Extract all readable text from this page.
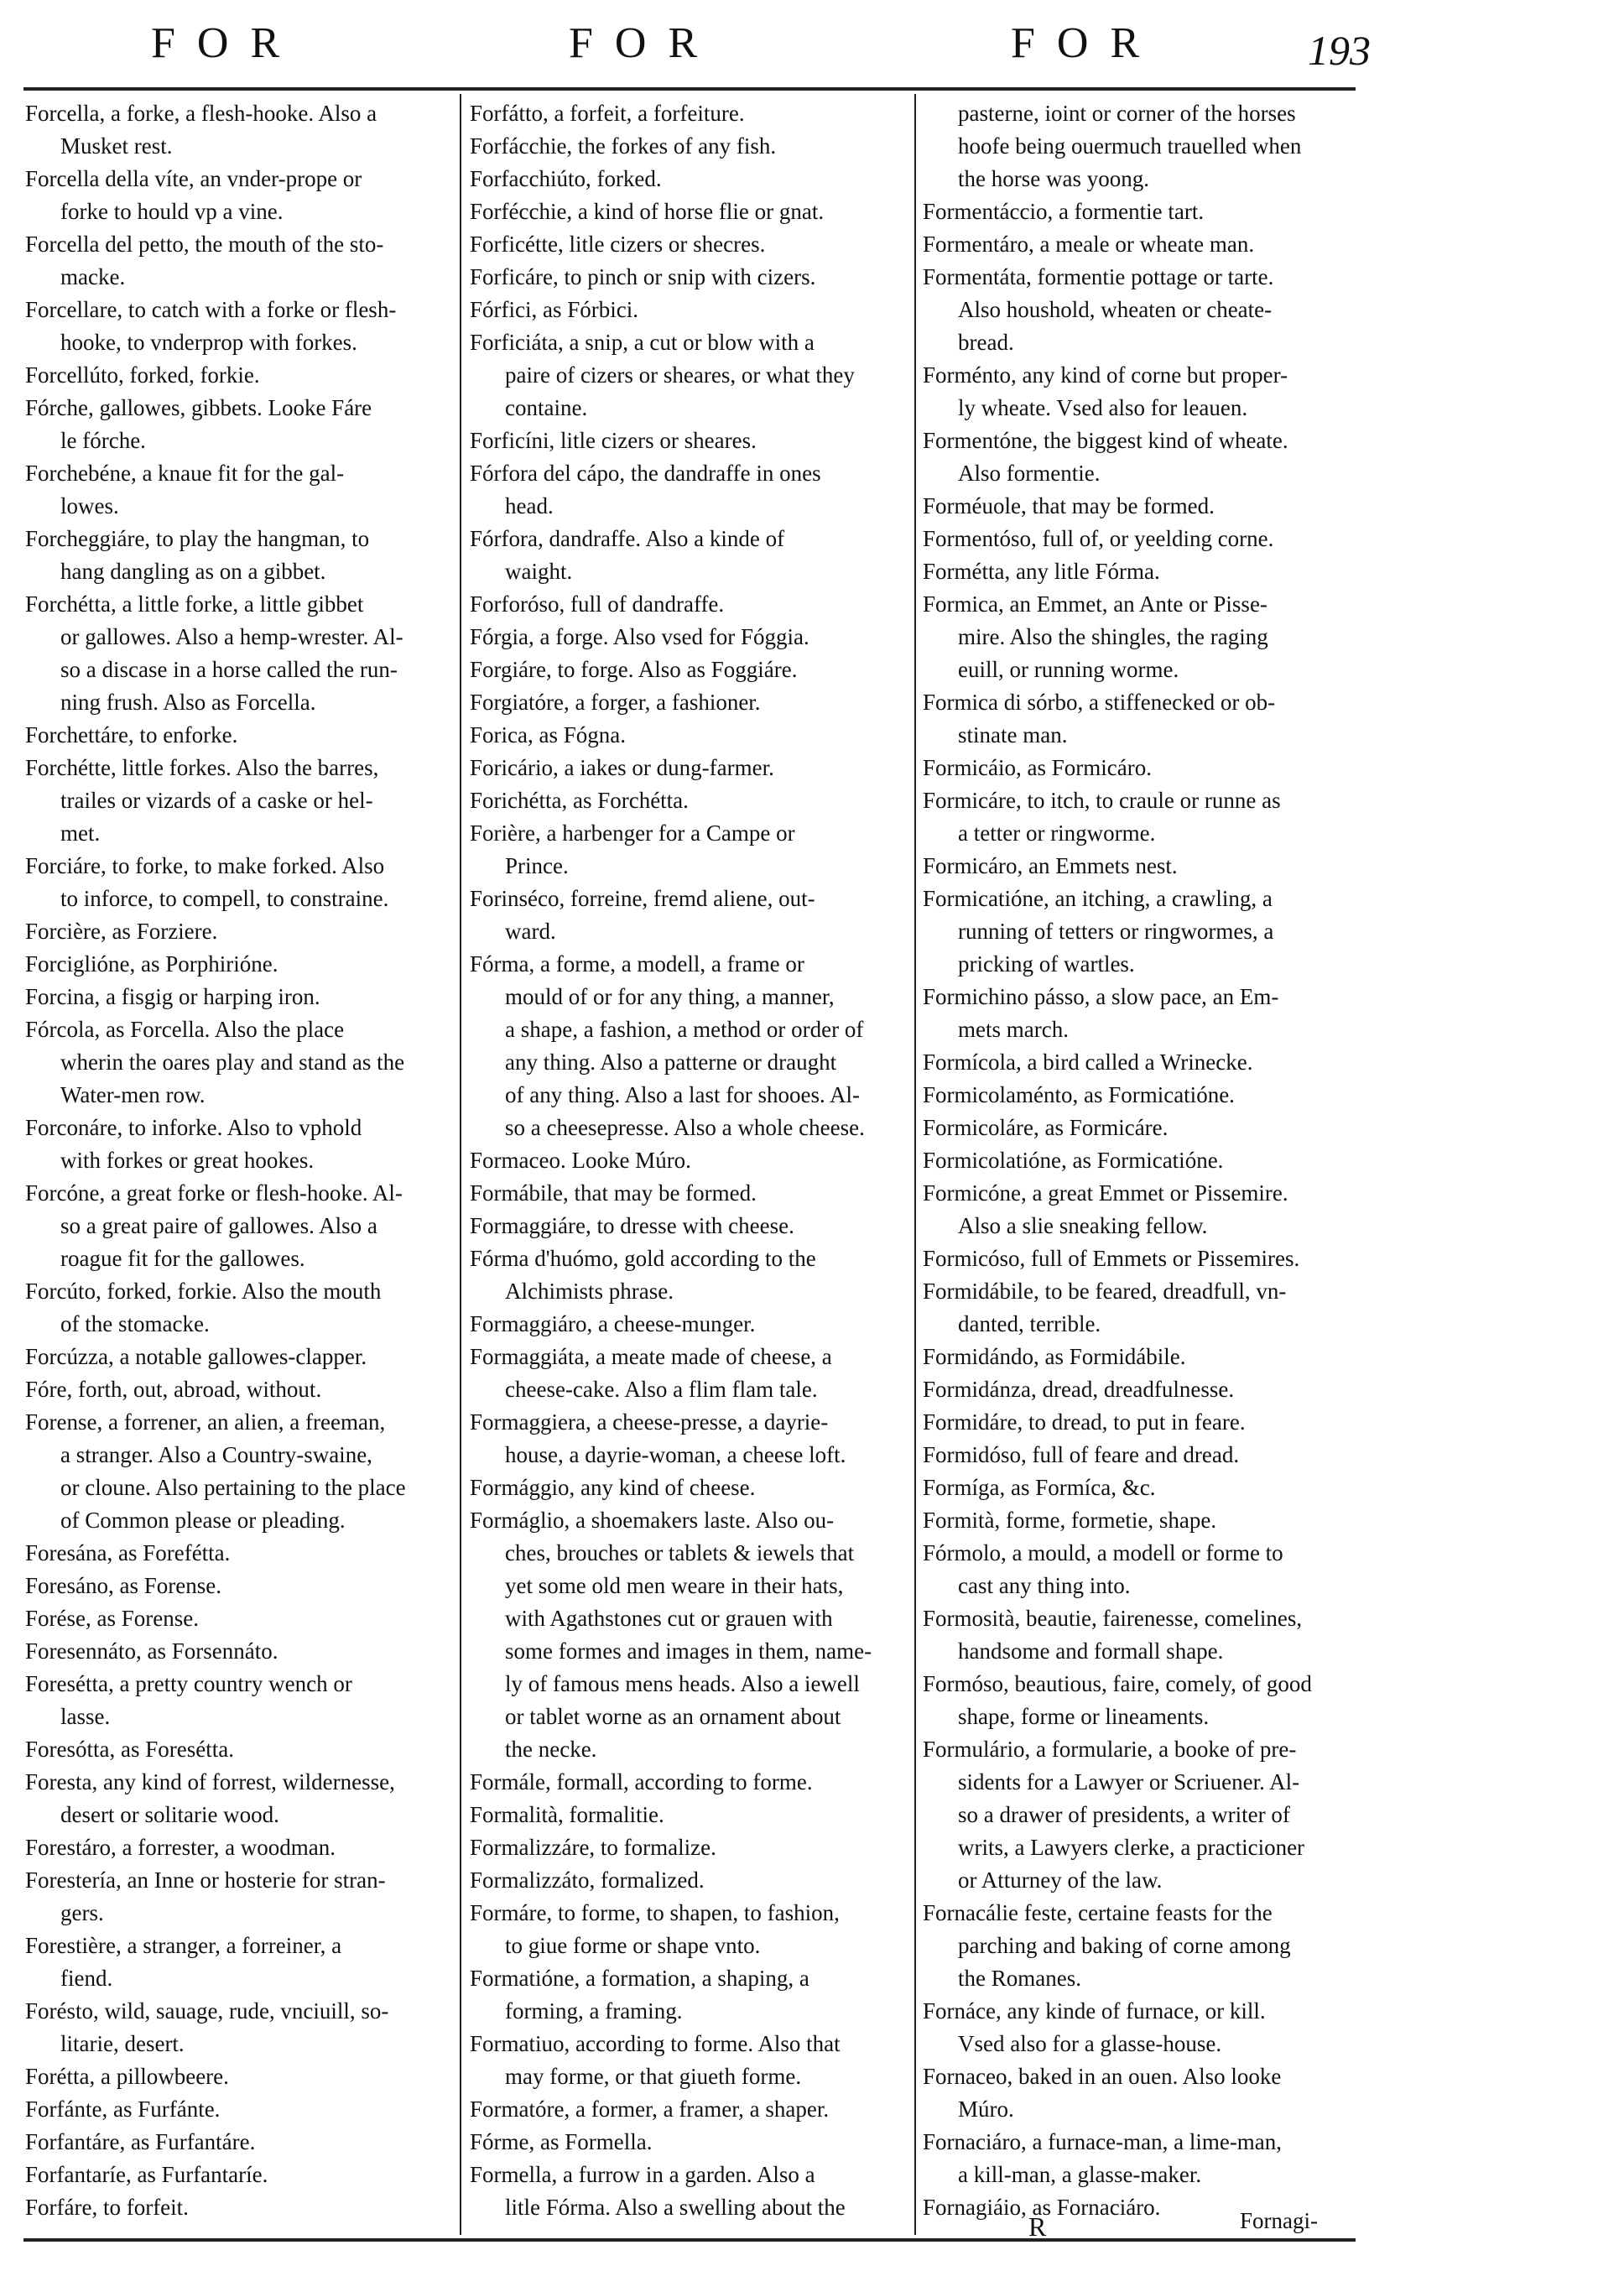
FOR	FOR	FOR	193
Forcella, a forke, a flesh-hooke. Also a
Musket rest.
Forcella della víte, an vnder-prope or
forke to hould vp a vine.
Forcella del petto, the mouth of the sto-
macke.
Forcellare, to catch with a forke or flesh-
hooke, to vnderprop with forkes.
Forcellúto, forked, forkie.
Fórche, gallowes, gibbets. Looke Fáre
le fórche.
Forchebéne, a knaue fit for the gal-
lowes.
Forcheggiáre, to play the hangman, to
hang dangling as on a gibbet.
Forchétta, a little forke, a little gibbet
or gallowes. Also a hemp-wrester. Al-
so a discase in a horse called the run-
ning frush. Also as Forcella.
Forchettáre, to enforke.
Forchétte, little forkes. Also the barres,
trailes or vizards of a caske or hel-
met.
Forciáre, to forke, to make forked. Also
to inforce, to compell, to constraine.
Forcière, as Forziere.
Forciglióne, as Porphirióne.
Forcina, a fisgig or harping iron.
Fórcola, as Forcella. Also the place
wherin the oares play and stand as the
Water-men row.
Forconáre, to inforke. Also to vphold
with forkes or great hookes.
Forcóne, a great forke or flesh-hooke. Al-
so a great paire of gallowes. Also a
roague fit for the gallowes.
Forcúto, forked, forkie. Also the mouth
of the stomacke.
Forcúzza, a notable gallowes-clapper.
Fóre, forth, out, abroad, without.
Forense, a forrener, an alien, a freeman,
a stranger. Also a Country-swaine,
or cloune. Also pertaining to the place
of Common please or pleading.
Foresána, as Forefétta.
Foresáno, as Forense.
Forése, as Forense.
Foresennáto, as Forsennáto.
Foresétta, a pretty country wench or
lasse.
Foresóttа, as Foresétta.
Foresta, any kind of forrest, wildernesse,
desert or solitarie wood.
Forestáro, a forrester, a woodman.
Forestería, an Inne or hosterie for stran-
gers.
Forestière, a stranger, a forreiner, a
fiend.
Forésto, wild, sauage, rude, vnciuill, so-
litarie, desert.
Forétta, a pillowbeere.
Forfánte, as Furfánte.
Forfantáre, as Furfantáre.
Forfantaríe, as Furfantaríe.
Forfáre, to forfeit.
Forfátto, a forfeit, a forfeiture.
Forfácchie, the forkes of any fish.
Forfacchiúto, forked.
Forfécchie, a kind of horse flie or gnat.
Forficétte, litle cizers or shecres.
Forficáre, to pinch or snip with cizers.
Fórfici, as Fórbici.
Forficiáta, a snip, a cut or blow with a
paire of cizers or sheares, or what they
containe.
Forficíni, litle cizers or sheares.
Fórfora del cápo, the dandraffe in ones
head.
Fórfora, dandraffe. Also a kinde of
waight.
Forforóso, full of dandraffe.
Fórgia, a forge. Also vsed for Fóggia.
Forgiáre, to forge. Also as Foggiáre.
Forgiatóre, a forger, a fashioner.
Forica, as Fógna.
Foricário, a iakes or dung-farmer.
Forichétta, as Forchétta.
Forière, a harbenger for a Campe or
Prince.
Forinséco, forreine, fremd aliene, out-
ward.
Fórma, a forme, a modell, a frame or
mould of or for any thing, a manner,
a shape, a fashion, a method or order of
any thing. Also a patterne or draught
of any thing. Also a last for shooes. Al-
so a cheesepresse. Also a whole cheese.
Formaceo. Looke Múro.
Formábile, that may be formed.
Formaggiáre, to dresse with cheese.
Fórma d'huómo, gold according to the
Alchimists phrase.
Formaggiáro, a cheese-munger.
Formaggiáta, a meate made of cheese, a
cheese-cake. Also a flim flam tale.
Formaggiera, a cheese-presse, a dayrie-
house, a dayrie-woman, a cheese loft.
Formággio, any kind of cheese.
Formáglio, a shoemakers laste. Also ou-
ches, brouches or tablets & iewels that
yet some old men weare in their hats,
with Agathstones cut or grauen with
some formes and images in them, name-
ly of famous mens heads. Also a iewell
or tablet worne as an ornament about
the necke.
Formále, formall, according to forme.
Formalità, formalitie.
Formalizzáre, to formalize.
Formalizzáto, formalized.
Formáre, to forme, to shapen, to fashion,
to giue forme or shape vnto.
Formatióne, a formation, a shaping, a
forming, a framing.
Formatiuo, according to forme. Also that
may forme, or that giueth forme.
Formatóre, a former, a framer, a shaper.
Fórme, as Formella.
Formella, a furrow in a garden. Also a
litle Fórma. Also a swelling about the
pasterne, ioint or corner of the horses
hoofe being ouermuch trauelled when
the horse was yoong.
Formentáccio, a formentie tart.
Formentáro, a meale or wheate man.
Formentáta, formentie pottage or tarte.
Also houshold, wheaten or cheate-
bread.
Forménto, any kind of corne but proper-
ly wheate. Vsed also for leauen.
Formentóne, the biggest kind of wheate.
Also formentie.
Forméuole, that may be formed.
Formentóso, full of, or yeelding corne.
Formétta, any litle Fórma.
Formica, an Emmet, an Ante or Pisse-
mire. Also the shingles, the raging
euill, or running worme.
Formica di sórbo, a stiffenecked or ob-
stinate man.
Formicáio, as Formicáro.
Formicáre, to itch, to craule or runne as
a tetter or ringworme.
Formicáro, an Emmets nest.
Formicatióne, an itching, a crawling, a
running of tetters or ringwormes, a
pricking of wartles.
Formichino pásso, a slow pace, an Em-
mets march.
Formícola, a bird called a Wrinecke.
Formicolaménto, as Formicatióne.
Formicoláre, as Formicáre.
Formicolatióne, as Formicatióne.
Formicóne, a great Emmet or Pissemire.
Also a slie sneaking fellow.
Formicóso, full of Emmets or Pissemires.
Formidábile, to be feared, dreadfull, vn-
danted, terrible.
Formidándo, as Formidábile.
Formidánza, dread, dreadfulnesse.
Formidáre, to dread, to put in feare.
Formidóso, full of feare and dread.
Formíga, as Formíca, &c.
Formità, forme, formetie, shape.
Fórmolo, a mould, a modell or forme to
cast any thing into.
Formosità, beautie, fairenesse, comelines,
handsome and formall shape.
Formóso, beautious, faire, comely, of good
shape, forme or lineaments.
Formulário, a formularie, a booke of pre-
sidents for a Lawyer or Scriuener. Al-
so a drawer of presidents, a writer of
writs, a Lawyers clerke, a practicioner
or Atturney of the law.
Fornacálie feste, certaine feasts for the
parching and baking of corne among
the Romanes.
Fornáce, any kinde of furnace, or kill.
Vsed also for a glasse-house.
Fornaceo, baked in an ouen. Also looke
Múro.
Fornaciáro, a furnace-man, a lime-man,
a kill-man, a glasse-maker.
Fornagiáio, as Fornaciáro.
R	Fornagi-
